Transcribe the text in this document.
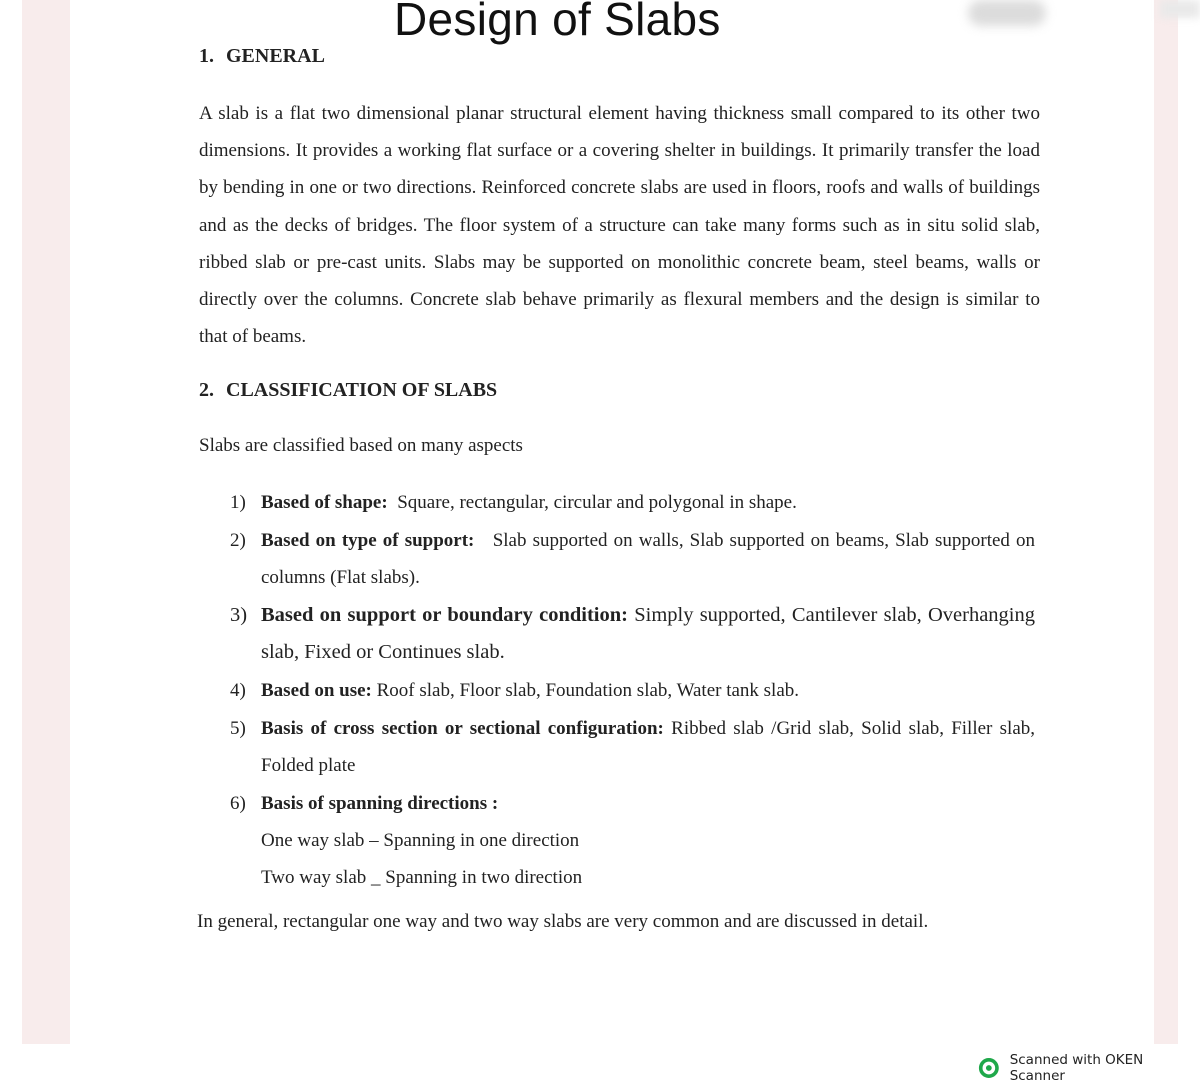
Design of Slabs
1. GENERAL

A slab is a flat two dimensional planar structural element having thickness small compared to its other two dimensions. It provides a working flat surface or a covering shelter in buildings. It primarily transfer the load by bending in one or two directions. Reinforced concrete slabs are used in floors, roofs and walls of buildings and as the decks of bridges. The floor system of a structure can take many forms such as in situ solid slab, ribbed slab or pre-cast units. Slabs may be supported on monolithic concrete beam, steel beams, walls or directly over the columns. Concrete slab behave primarily as flexural members and the design is similar to that of beams.

2. CLASSIFICATION OF SLABS

Slabs are classified based on many aspects

1) Based of shape: Square, rectangular, circular and polygonal in shape.
2) Based on type of support: Slab supported on walls, Slab supported on beams, Slab supported on columns (Flat slabs).
3) Based on support or boundary condition: Simply supported, Cantilever slab, Overhanging slab, Fixed or Continues slab.
4) Based on use: Roof slab, Floor slab, Foundation slab, Water tank slab.
5) Basis of cross section or sectional configuration: Ribbed slab /Grid slab, Solid slab, Filler slab, Folded plate
6) Basis of spanning directions :
One way slab – Spanning in one direction
Two way slab _ Spanning in two direction

In general, rectangular one way and two way slabs are very common and are discussed in detail.

Scanned with OKEN Scanner
